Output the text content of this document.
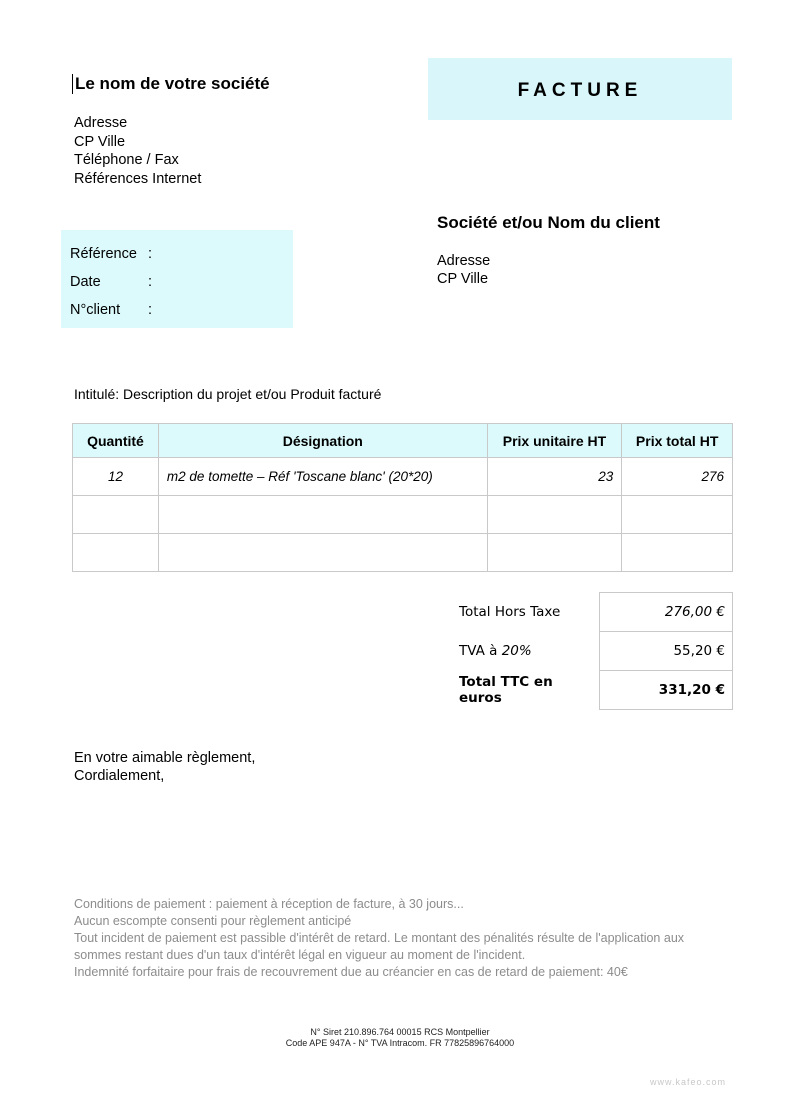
Le nom de votre société
Adresse
CP Ville
Téléphone / Fax
Références Internet
FACTURE
Référence :
Date	:
N°client :
Société et/ou Nom du client
Adresse
CP Ville
Intitulé: Description du projet et/ou Produit facturé
Quantité	Désignation	Prix unitaire HT	Prix total HT
12	m2 de tomette – Réf 'Toscane blanc' (20*20)	23	276

Total Hors Taxe	276,00 €
TVA à 20%	55,20 €
Total TTC en euros	331,20 €
En votre aimable règlement,
Cordialement,
Conditions de paiement : paiement à réception de facture, à 30 jours...
Aucun escompte consenti pour règlement anticipé
Tout incident de paiement est passible d'intérêt de retard. Le montant des pénalités résulte de l'application aux sommes restant dues d'un taux d'intérêt légal en vigueur au moment de l'incident.
Indemnité forfaitaire pour frais de recouvrement due au créancier en cas de retard de paiement: 40€
N° Siret 210.896.764 00015 RCS Montpellier
Code APE 947A - N° TVA Intracom. FR 77825896764000
www.kafeo.com
